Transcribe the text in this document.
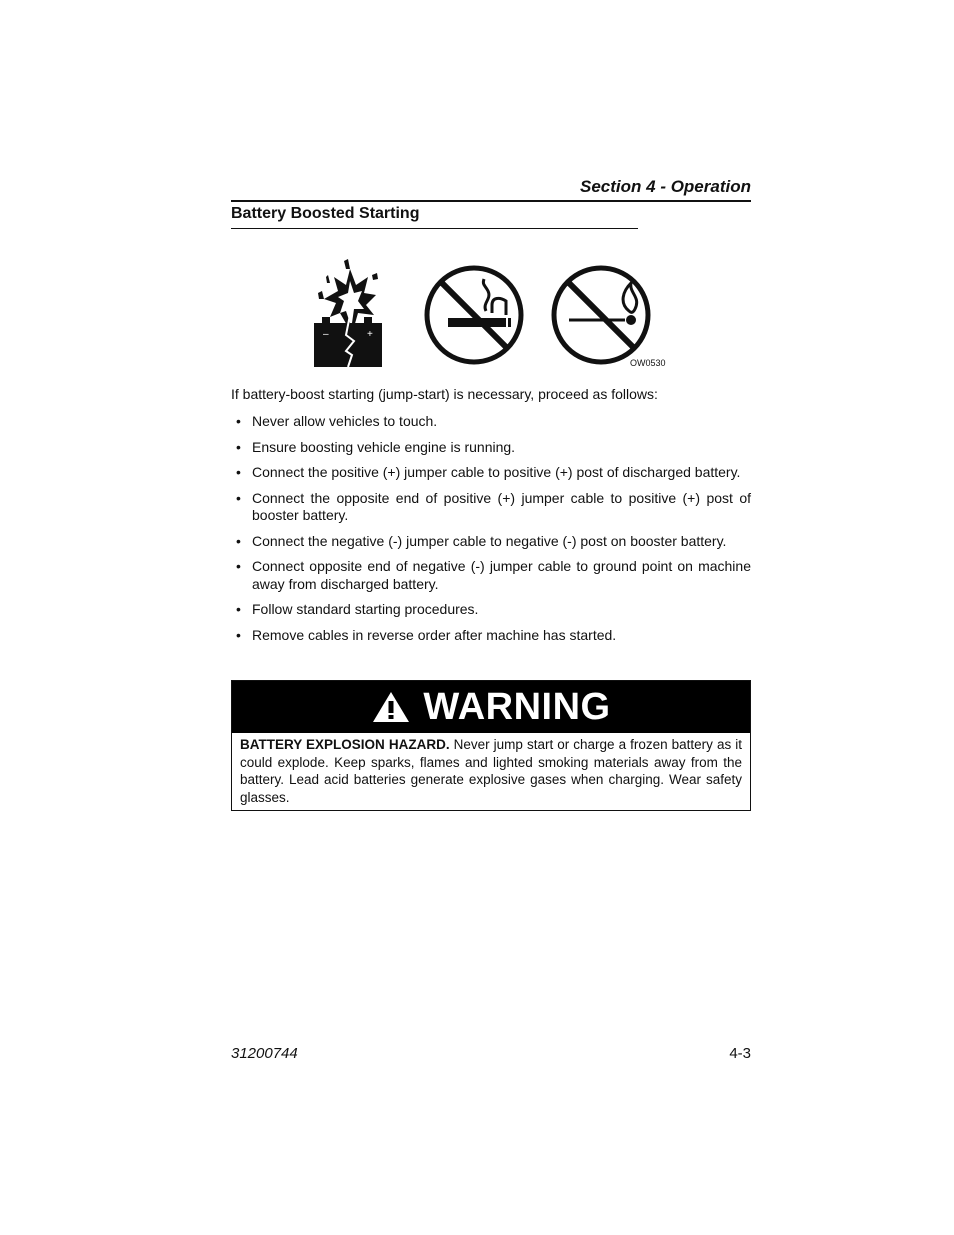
Section 4 - Operation
Battery Boosted Starting
–	+
OW0530
If battery-boost starting (jump-start) is necessary, proceed as follows:
• Never allow vehicles to touch.
• Ensure boosting vehicle engine is running.
• Connect the positive (+) jumper cable to positive (+) post of discharged battery.
• Connect the opposite end of positive (+) jumper cable to positive (+) post of booster battery.
• Connect the negative (-) jumper cable to negative (-) post on booster battery.
• Connect opposite end of negative (-) jumper cable to ground point on machine away from discharged battery.
• Follow standard starting procedures.
• Remove cables in reverse order after machine has started.
WARNING
BATTERY EXPLOSION HAZARD. Never jump start or charge a frozen battery as it could explode. Keep sparks, flames and lighted smoking materials away from the battery. Lead acid batteries generate explosive gases when charging. Wear safety glasses.
31200744	4-3
